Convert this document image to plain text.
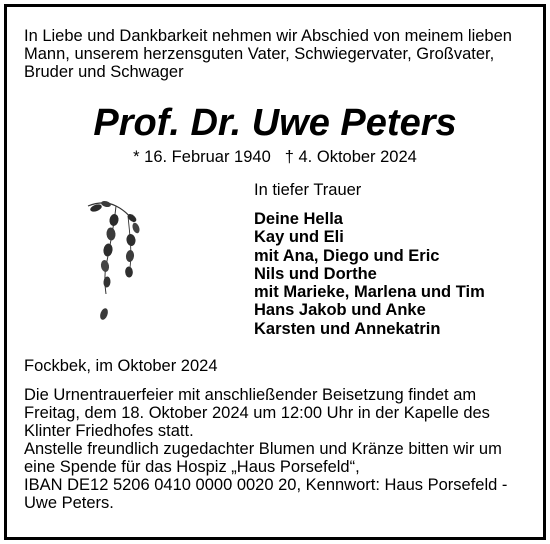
In Liebe und Dankbarkeit nehmen wir Abschied von meinem lieben
Mann, unserem herzensguten Vater, Schwiegervater, Großvater,
Bruder und Schwager
Prof. Dr. Uwe Peters
* 16. Februar 1940 † 4. Oktober 2024
In tiefer Trauer
Deine Hella
Kay und Eli
mit Ana, Diego und Eric
Nils und Dorthe
mit Marieke, Marlena und Tim
Hans Jakob und Anke
Karsten und Annekatrin
Fockbek, im Oktober 2024
Die Urnentrauerfeier mit anschließender Beisetzung findet am
Freitag, dem 18. Oktober 2024 um 12:00 Uhr in der Kapelle des
Klinter Friedhofes statt.
Anstelle freundlich zugedachter Blumen und Kränze bitten wir um
eine Spende für das Hospiz „Haus Porsefeld“,
IBAN DE12 5206 0410 0000 0020 20, Kennwort: Haus Porsefeld -
Uwe Peters.
